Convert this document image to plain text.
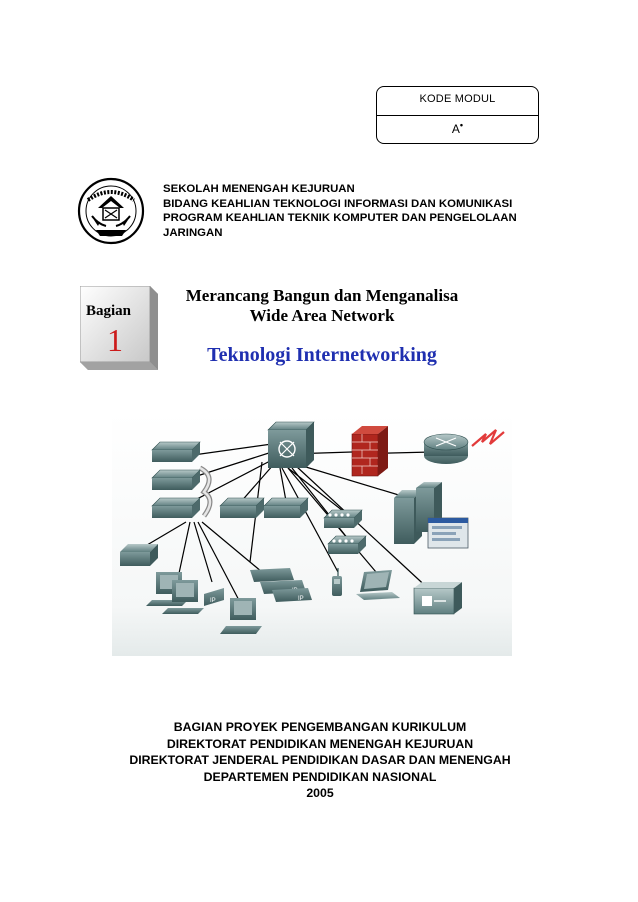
KODE MODUL
A•
SEKOLAH MENENGAH KEJURUAN
BIDANG KEAHLIAN TEKNOLOGI INFORMASI DAN KOMUNIKASI
PROGRAM KEAHLIAN TEKNIK KOMPUTER DAN PENGELOLAAN
JARINGAN
Bagian
1
Merancang Bangun dan Menganalisa
Wide Area Network
Teknologi Internetworking
IP	IP
BAGIAN PROYEK PENGEMBANGAN KURIKULUM
DIREKTORAT PENDIDIKAN MENENGAH KEJURUAN
DIREKTORAT JENDERAL PENDIDIKAN DASAR DAN MENENGAH
DEPARTEMEN PENDIDIKAN NASIONAL
2005
